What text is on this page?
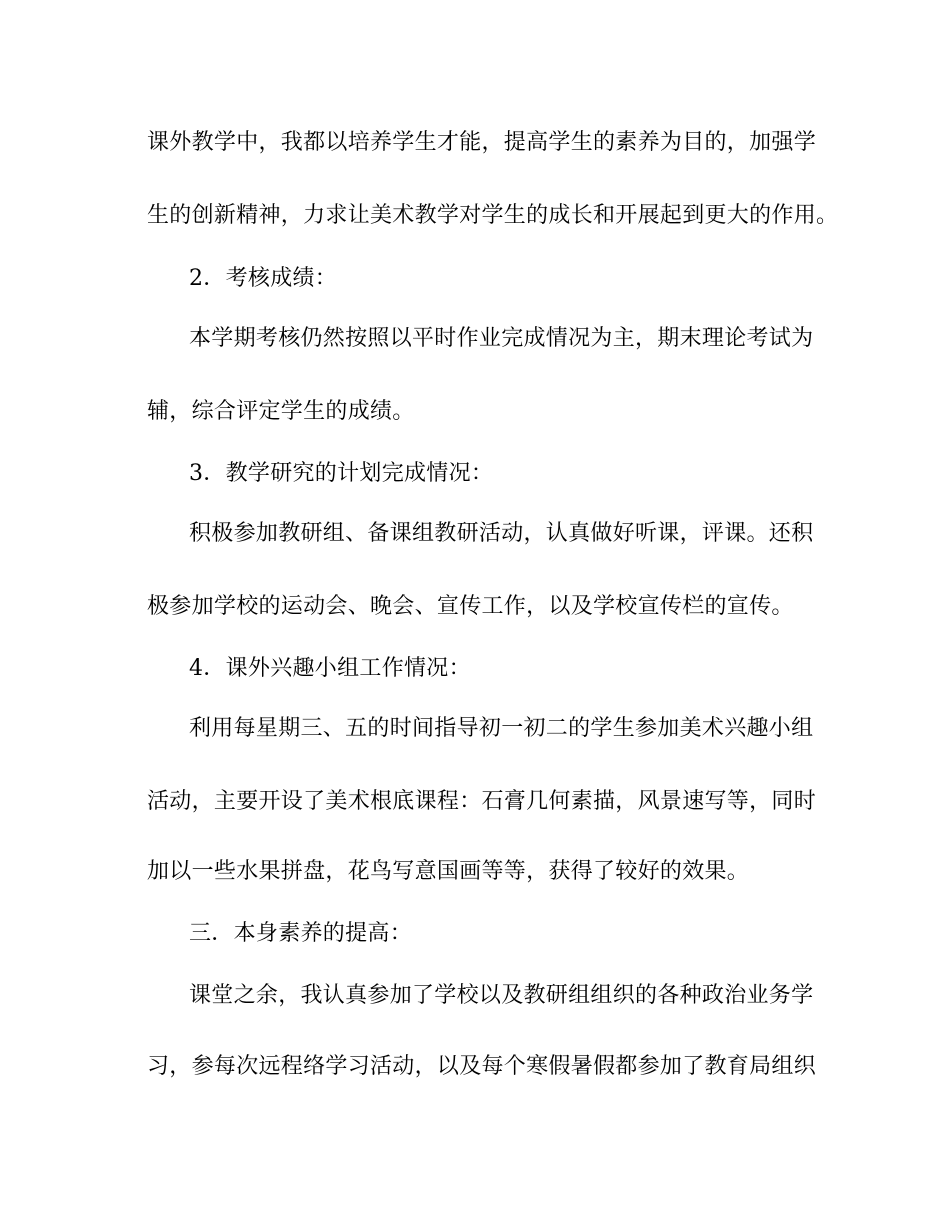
课外教学中，我都以培养学生才能，提高学生的素养为目的，加强学
生的创新精神，力求让美术教学对学生的成长和开展起到更大的作用。
2．考核成绩：
本学期考核仍然按照以平时作业完成情况为主，期末理论考试为
辅，综合评定学生的成绩。
3．教学研究的计划完成情况：
积极参加教研组、备课组教研活动，认真做好听课，评课。还积
极参加学校的运动会、晚会、宣传工作，以及学校宣传栏的宣传。
4．课外兴趣小组工作情况：
利用每星期三、五的时间指导初一初二的学生参加美术兴趣小组
活动，主要开设了美术根底课程：石膏几何素描，风景速写等，同时
加以一些水果拼盘，花鸟写意国画等等，获得了较好的效果。
三．本身素养的提高：
课堂之余，我认真参加了学校以及教研组组织的各种政治业务学
习，参每次远程络学习活动，以及每个寒假暑假都参加了教育局组织
